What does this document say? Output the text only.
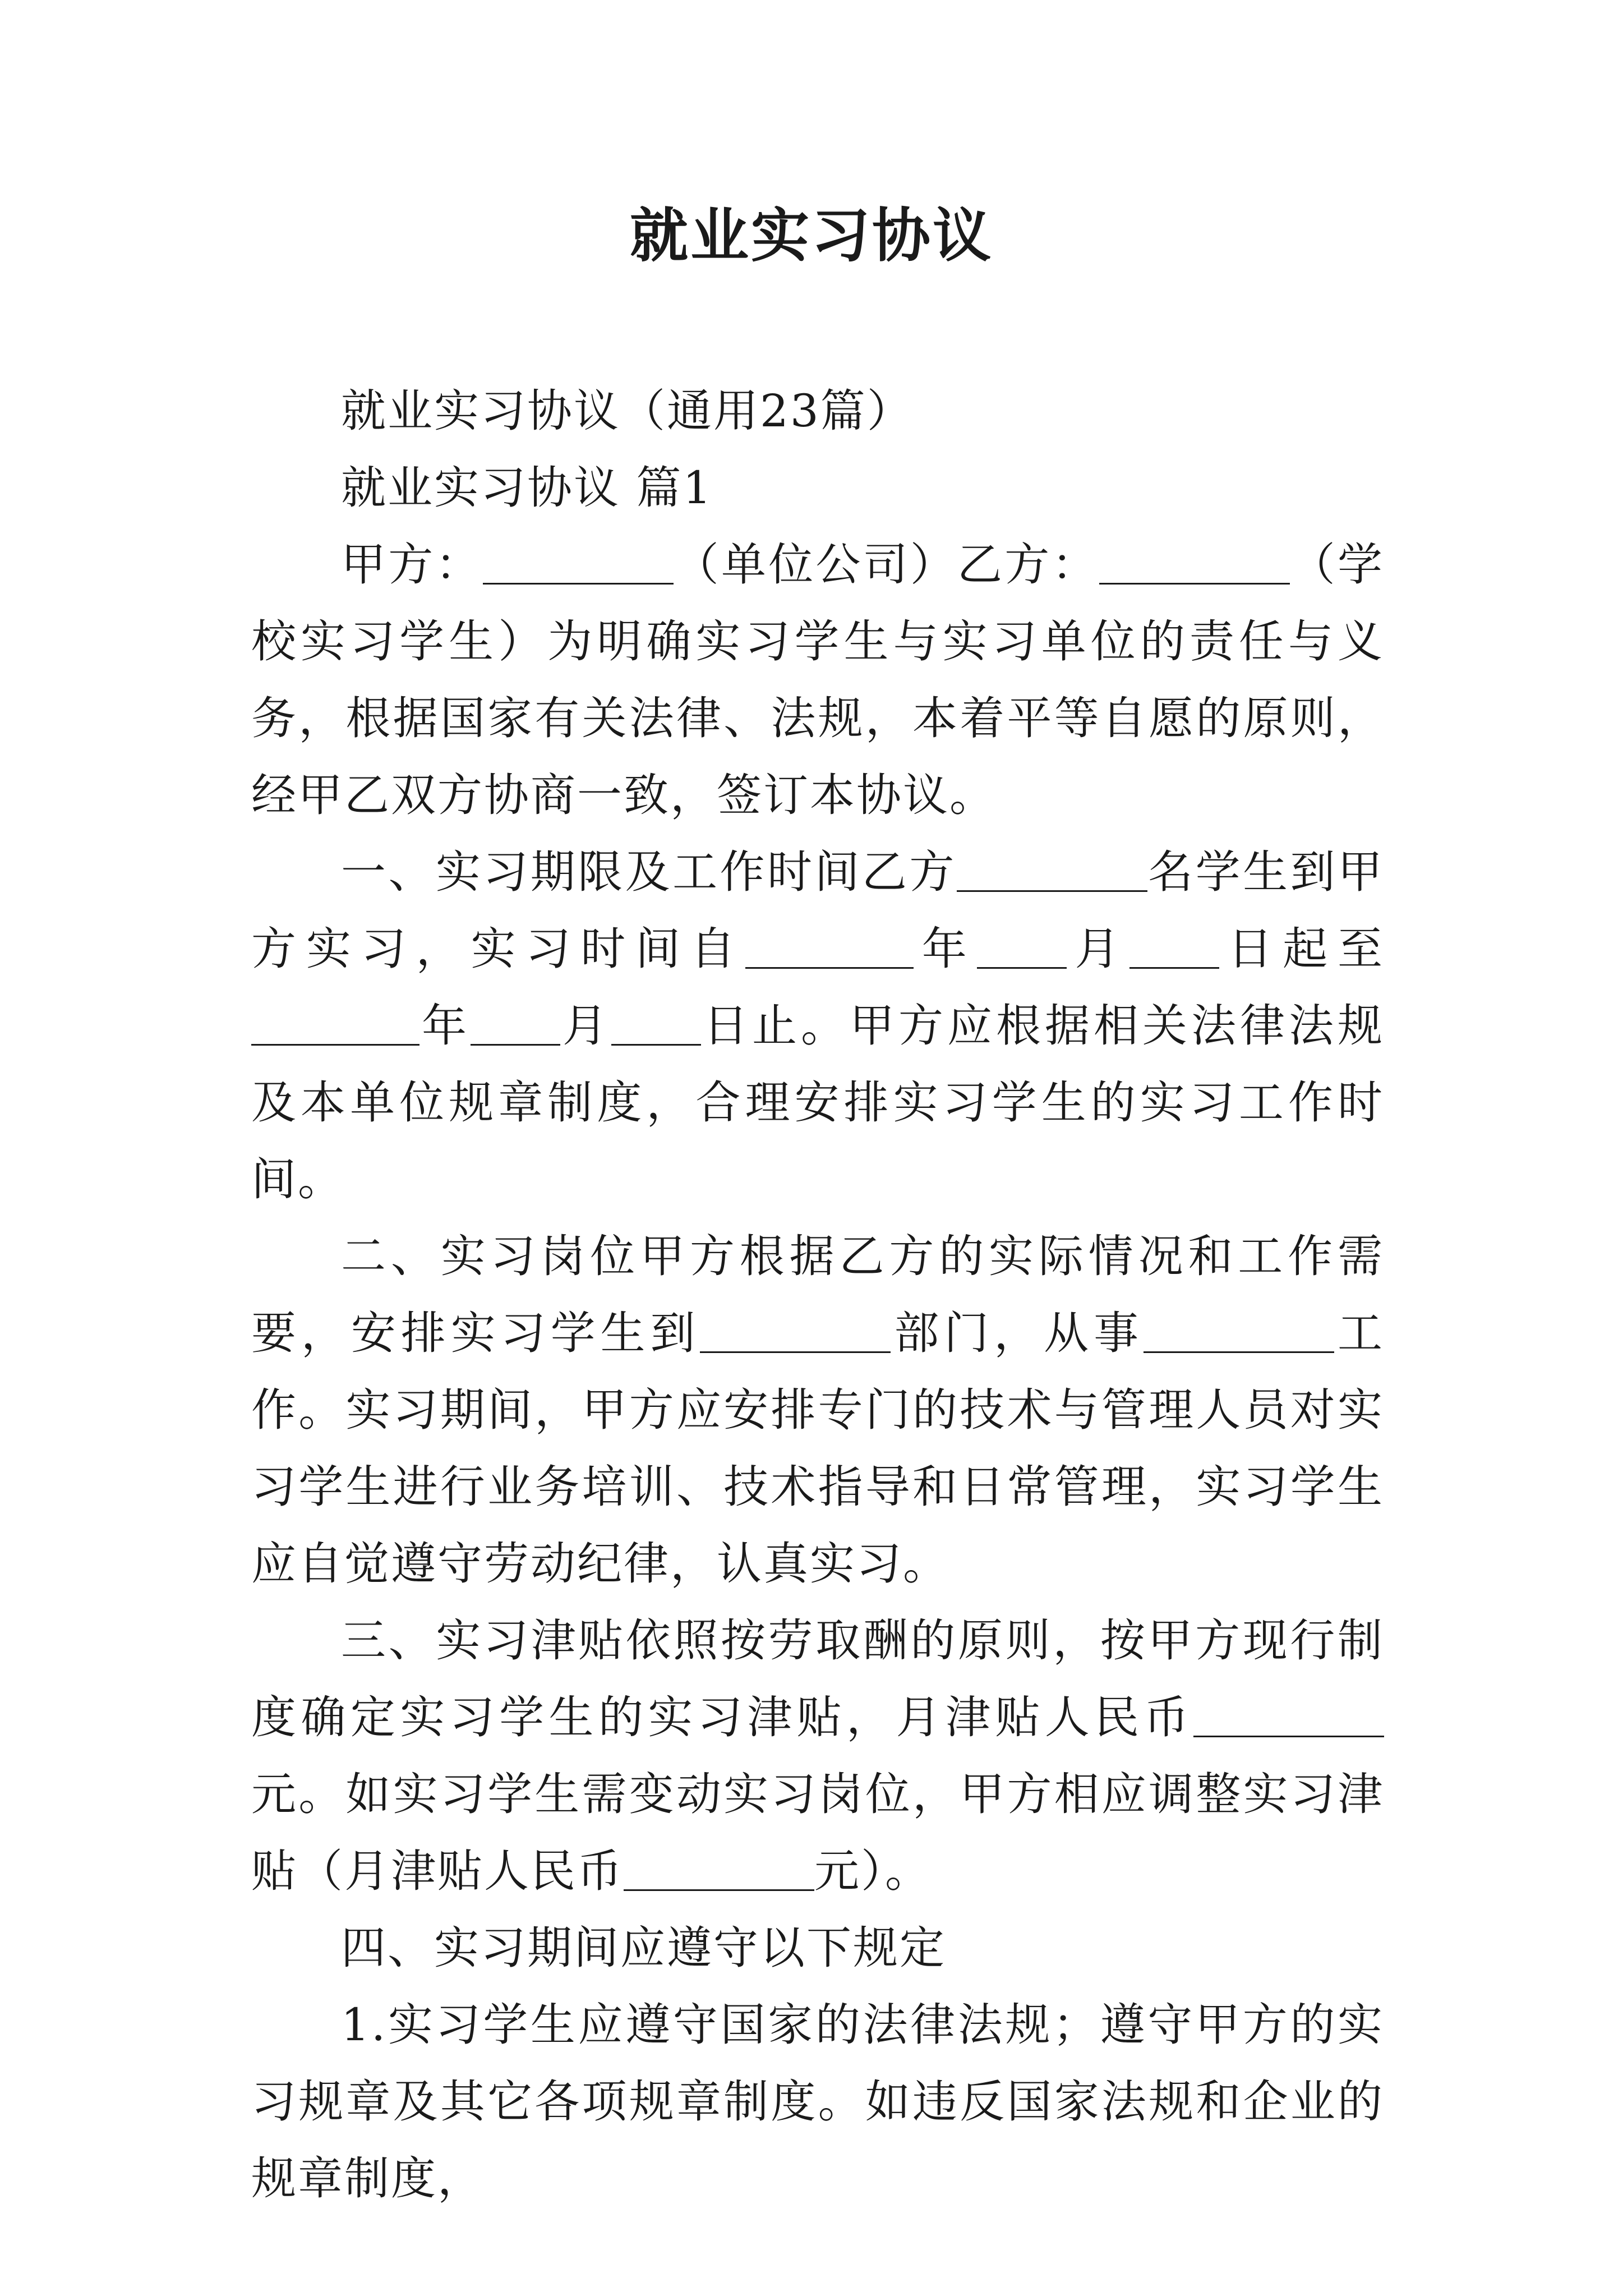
就业实习协议

就业实习协议（通用23篇）

就业实习协议 篇1

甲方：	（单位公司）乙方：	（学校实习学生）为明确实习学生与实习单位的责任与义务，根据国家有关法律、法规，本着平等自愿的原则，经甲乙双方协商一致，签订本协议。

一、实习期限及工作时间乙方	名学生到甲方实习，实习时间自	年 月 日起至年 月 日止。甲方应根据相关法律法规及本单位规章制度，合理安排实习学生的实习工作时间。

二、实习岗位甲方根据乙方的实际情况和工作需要，安排实习学生到	部门，从事	工作。实习期间，甲方应安排专门的技术与管理人员对实习学生进行业务培训、技术指导和日常管理，实习学生应自觉遵守劳动纪律，认真实习。

三、实习津贴依照按劳取酬的原则，按甲方现行制度确定实习学生的实习津贴，月津贴人民币元。如实习学生需变动实习岗位，甲方相应调整实习津贴（月津贴人民币	元）。

四、实习期间应遵守以下规定

1.实习学生应遵守国家的法律法规；遵守甲方的实习规章及其它各项规章制度。如违反国家法规和企业的规章制度，
